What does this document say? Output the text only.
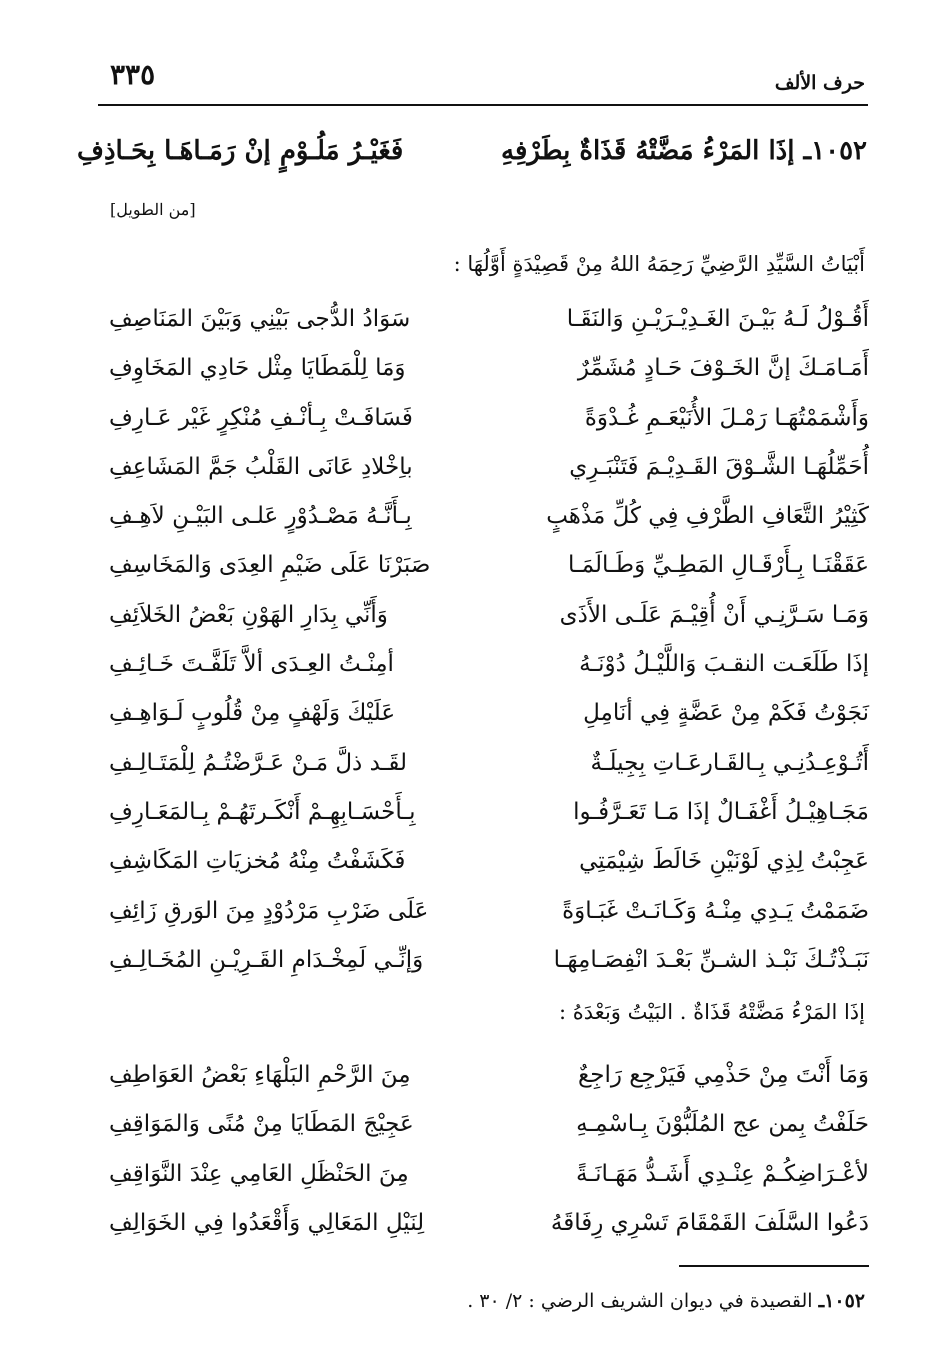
حرف الألف
٣٣٥
١٠٥٢ـ إذَا المَرْءُ مَضَّتْهُ قَذَاةٌ بِطَرْفِهِ
فَغَيْـرُ مَلُـوْمٍ إنْ رَمَـاهَـا بِحَـاذِفِ
[من الطويل]
أَبْيَاتُ السَّيِّدِ الرَّضِيِّ رَحِمَهُ اللهُ مِنْ قَصِيْدَةٍ أَوَّلُهَا :
أَقُـوْلُ لَـهُ بَيْـنَ الغَـدِيْـرَيْـنِ وَالنَقَـا
سَوَادُ الدُّجى بَيْنِي وَبَيْنَ المَنَاصِفِ
أَمَـامَـكَ إنَّ الخَـوْفَ حَـادٍ مُشَمِّرٌ
وَمَا لِلْمَطَايَا مِثْل حَادِي المَخَاوِفِ
وَأَشْمَمْتُهَـا رَمْـلَ الأُنَيْعَـمِ غُـدْوَةً
فَسَافَـتْ بِـأنْـفِ مُنْكِرٍ غَيْر عَـارِفِ
أُحَمِّلُهَـا الشَّـوْقَ القَـدِيْـمَ فَتَنْبَـرِي
باِخْلادِ عَانَى القَلْبُ جَمَّ المَشَاعِفِ
كَثِيْرُ التَّعَافِ الطَّرْفِ فِي كُلِّ مَذْهَبٍ
بِـأَنَّـهُ مَصْـدُوْرٍ عَلـى البَيْـنِ لاَهِـفِ
عَقَقْنَـا بِـأَرْقَـالِ المَطِـيِّ وَطَـالَمَـا
صَبَرْنَا عَلَى ضَيْمِ العِدَى وَالمَخَاسِفِ
وَمَـا سَـرَّنِـي أَنْ أُقِيْـمَ عَلَـى الأَذَى
وَأَنِّي بِدَارِ الهَوْنِ بَعْضُ الخَلاَئِفِ
إذَا طَلَعَـت النقـبَ وَاللَّيْـلُ دُوْنَـهُ
أمِنْـتُ العِـدَى ألاَّ تَلَفَّـتَ خَـائِـفِ
نَجَوْتُ فَكَمْ مِنْ عَضَّةٍ فِي أنَامِلِ
عَلَيْكَ وَلَهْفٍ مِنْ قُلُوبٍ لَـوَاهِـفِ
أَتُـوْعِـدُنِـي بِـالقَـارعَـاتِ بِجِيلَـةٌ
لقَـد ذلَّ مَـنْ عَـرَّضْتُـمُ لِلْمَتَـالِـفِ
مَجَـاهِيْـلُ أَغْفَـالٌ إذَا مَـا تَعَـرَّفُـوا
بِـأَحْسَـابِهِـمْ أَنْكَـرتَهُـمْ بِـالمَعَـارِفِ
عَجِبْتُ لِذِي لَوْنَيْنِ خَالَطَ شِيْمَتِي
فَكَشَفْتُ مِنْهُ مُخزيَاتِ المَكَاشِفِ
ضَمَمْتُ يَـدِي مِنْـهُ وَكَـانَـتْ غَبَـاوَةً
عَلَى ضَرْبِ مَرْدُوْدٍ مِنَ الوَرقِ زَائِفِ
نَبَـذْتُـكَ نَبْـذ الشـنِّ بَعْـدَ انْفِصَـامِهَـا
وَإنِّـي لَمِخْـدَامِ القَـرِيْـنِ المُخَـالِـفِ
إذَا المَرْءُ مَضَّتْهُ قَذَاةٌ . البَيْتُ وَبَعْدَهُ :
وَمَا أَنْتَ مِنْ حَذْمِي فَيَرْجِع رَاجِعٌ
مِنَ الرَّحْمِ البَلْهَاءِ بَعْضُ العَوَاطِفِ
حَلَفْتُ بِمن عج المُلَبُّوْنَ بِـاسْمِـهِ
عَجِيْجَ المَطَايَا مِنْ مُنًى وَالمَوَاقِفِ
لأعْـرَاضِكُـمْ عِنْـدِي أَشَـدُّ مَهَـانَـةً
مِنَ الحَنْظَلِ العَامِي عِنْدَ النَّوَاقِفِ
دَعُوا السَّلَفَ القَمْقَامَ تَسْرِي رِفَاقَهُ
لِنَيْلِ المَعَالِي وَأَقْعَدُوا فِي الخَوَالِفِ
١٠٥٢ـ القصيدة في ديوان الشريف الرضي : ٢/ ٣٠ .
